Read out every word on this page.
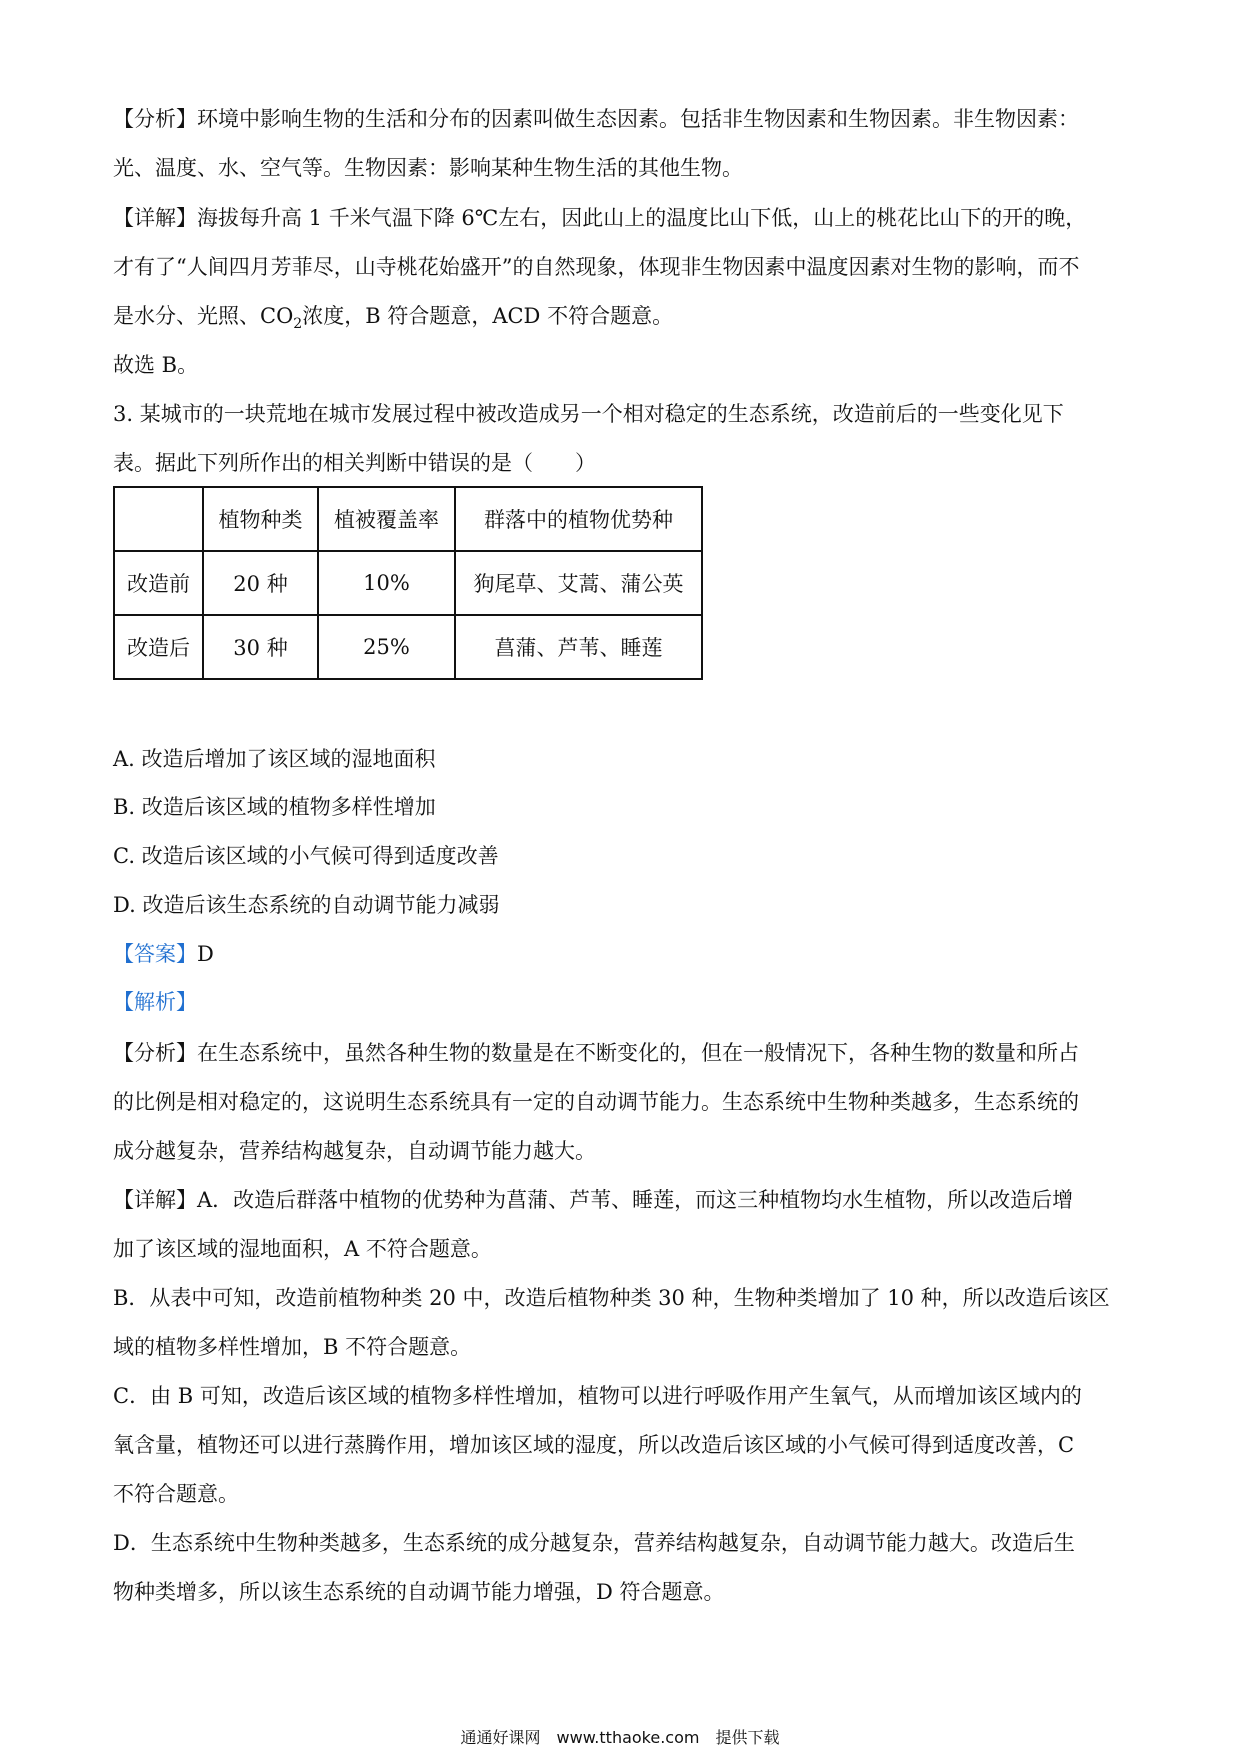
【分析】环境中影响生物的生活和分布的因素叫做生态因素。包括非生物因素和生物因素。非生物因素：
光、温度、水、空气等。生物因素：影响某种生物生活的其他生物。
【详解】海拔每升高 1 千米气温下降 6℃左右，因此山上的温度比山下低，山上的桃花比山下的开的晚，
才有了“人间四月芳菲尽，山寺桃花始盛开”的自然现象，体现非生物因素中温度因素对生物的影响，而不
是水分、光照、$CO_2$浓度，B 符合题意，ACD 不符合题意。
故选 B。
3. 某城市的一块荒地在城市发展过程中被改造成另一个相对稳定的生态系统，改造前后的一些变化见下
表。据此下列所作出的相关判断中错误的是（　　）
	植物种类	植被覆盖率	群落中的植物优势种
改造前	20 种	10%	狗尾草、艾蒿、蒲公英
改造后	30 种	25%	菖蒲、芦苇、睡莲
A. 改造后增加了该区域的湿地面积
B. 改造后该区域的植物多样性增加
C. 改造后该区域的小气候可得到适度改善
D. 改造后该生态系统的自动调节能力减弱
【答案】D
【解析】
【分析】在生态系统中，虽然各种生物的数量是在不断变化的，但在一般情况下，各种生物的数量和所占
的比例是相对稳定的，这说明生态系统具有一定的自动调节能力。生态系统中生物种类越多，生态系统的
成分越复杂，营养结构越复杂，自动调节能力越大。
【详解】A．改造后群落中植物的优势种为菖蒲、芦苇、睡莲，而这三种植物均水生植物，所以改造后增
加了该区域的湿地面积，A 不符合题意。
B．从表中可知，改造前植物种类 20 中，改造后植物种类 30 种，生物种类增加了 10 种，所以改造后该区
域的植物多样性增加，B 不符合题意。
C．由 B 可知，改造后该区域的植物多样性增加，植物可以进行呼吸作用产生氧气，从而增加该区域内的
氧含量，植物还可以进行蒸腾作用，增加该区域的湿度，所以改造后该区域的小气候可得到适度改善，C
不符合题意。
D．生态系统中生物种类越多，生态系统的成分越复杂，营养结构越复杂，自动调节能力越大。改造后生
物种类增多，所以该生态系统的自动调节能力增强，D 符合题意。
通通好课网　www.tthaoke.com　提供下载
